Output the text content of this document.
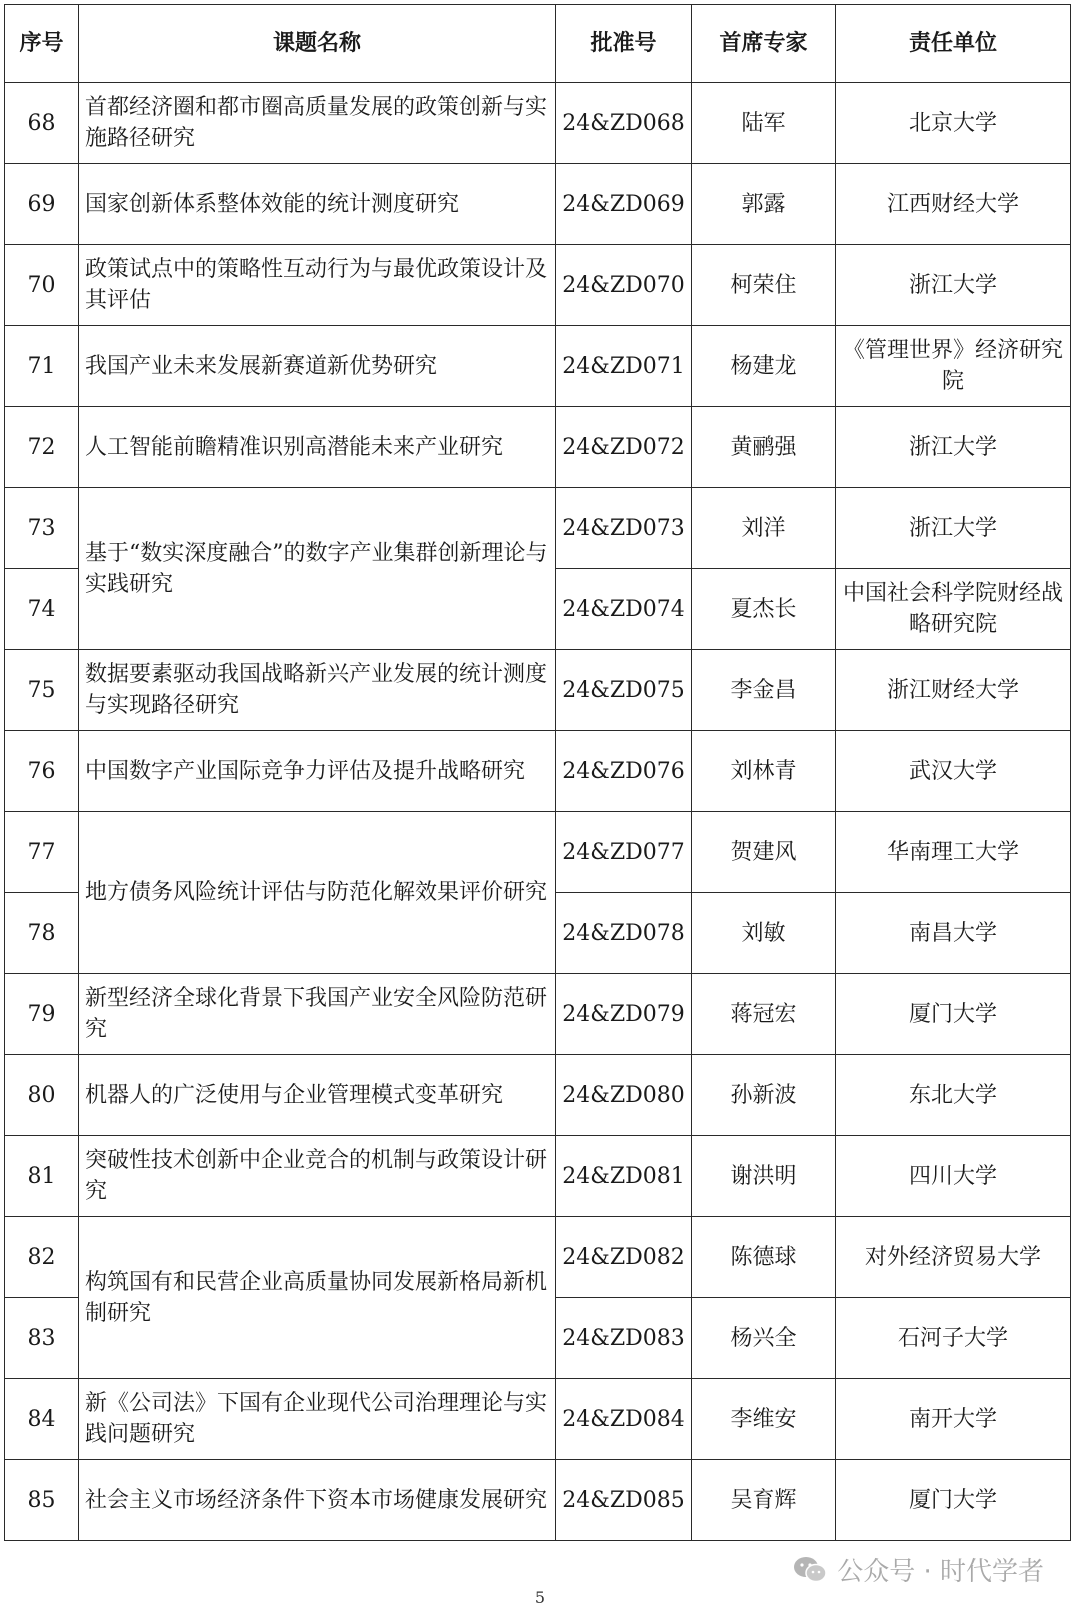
序号	课题名称	批准号	首席专家	责任单位
68	首都经济圈和都市圈高质量发展的政策创新与实施路径研究	24&ZD068	陆军	北京大学
69	国家创新体系整体效能的统计测度研究	24&ZD069	郭露	江西财经大学
70	政策试点中的策略性互动行为与最优政策设计及其评估	24&ZD070	柯荣住	浙江大学
71	我国产业未来发展新赛道新优势研究	24&ZD071	杨建龙	《管理世界》经济研究院
72	人工智能前瞻精准识别高潜能未来产业研究	24&ZD072	黄鹂强	浙江大学
73	基于“数实深度融合”的数字产业集群创新理论与实践研究	24&ZD073	刘洋	浙江大学
74		24&ZD074	夏杰长	中国社会科学院财经战略研究院
75	数据要素驱动我国战略新兴产业发展的统计测度与实现路径研究	24&ZD075	李金昌	浙江财经大学
76	中国数字产业国际竞争力评估及提升战略研究	24&ZD076	刘林青	武汉大学
77	地方债务风险统计评估与防范化解效果评价研究	24&ZD077	贺建风	华南理工大学
78		24&ZD078	刘敏	南昌大学
79	新型经济全球化背景下我国产业安全风险防范研究	24&ZD079	蒋冠宏	厦门大学
80	机器人的广泛使用与企业管理模式变革研究	24&ZD080	孙新波	东北大学
81	突破性技术创新中企业竞合的机制与政策设计研究	24&ZD081	谢洪明	四川大学
82	构筑国有和民营企业高质量协同发展新格局新机制研究	24&ZD082	陈德球	对外经济贸易大学
83		24&ZD083	杨兴全	石河子大学
84	新《公司法》下国有企业现代公司治理理论与实践问题研究	24&ZD084	李维安	南开大学
85	社会主义市场经济条件下资本市场健康发展研究	24&ZD085	吴育辉	厦门大学
5
公众号 · 时代学者
